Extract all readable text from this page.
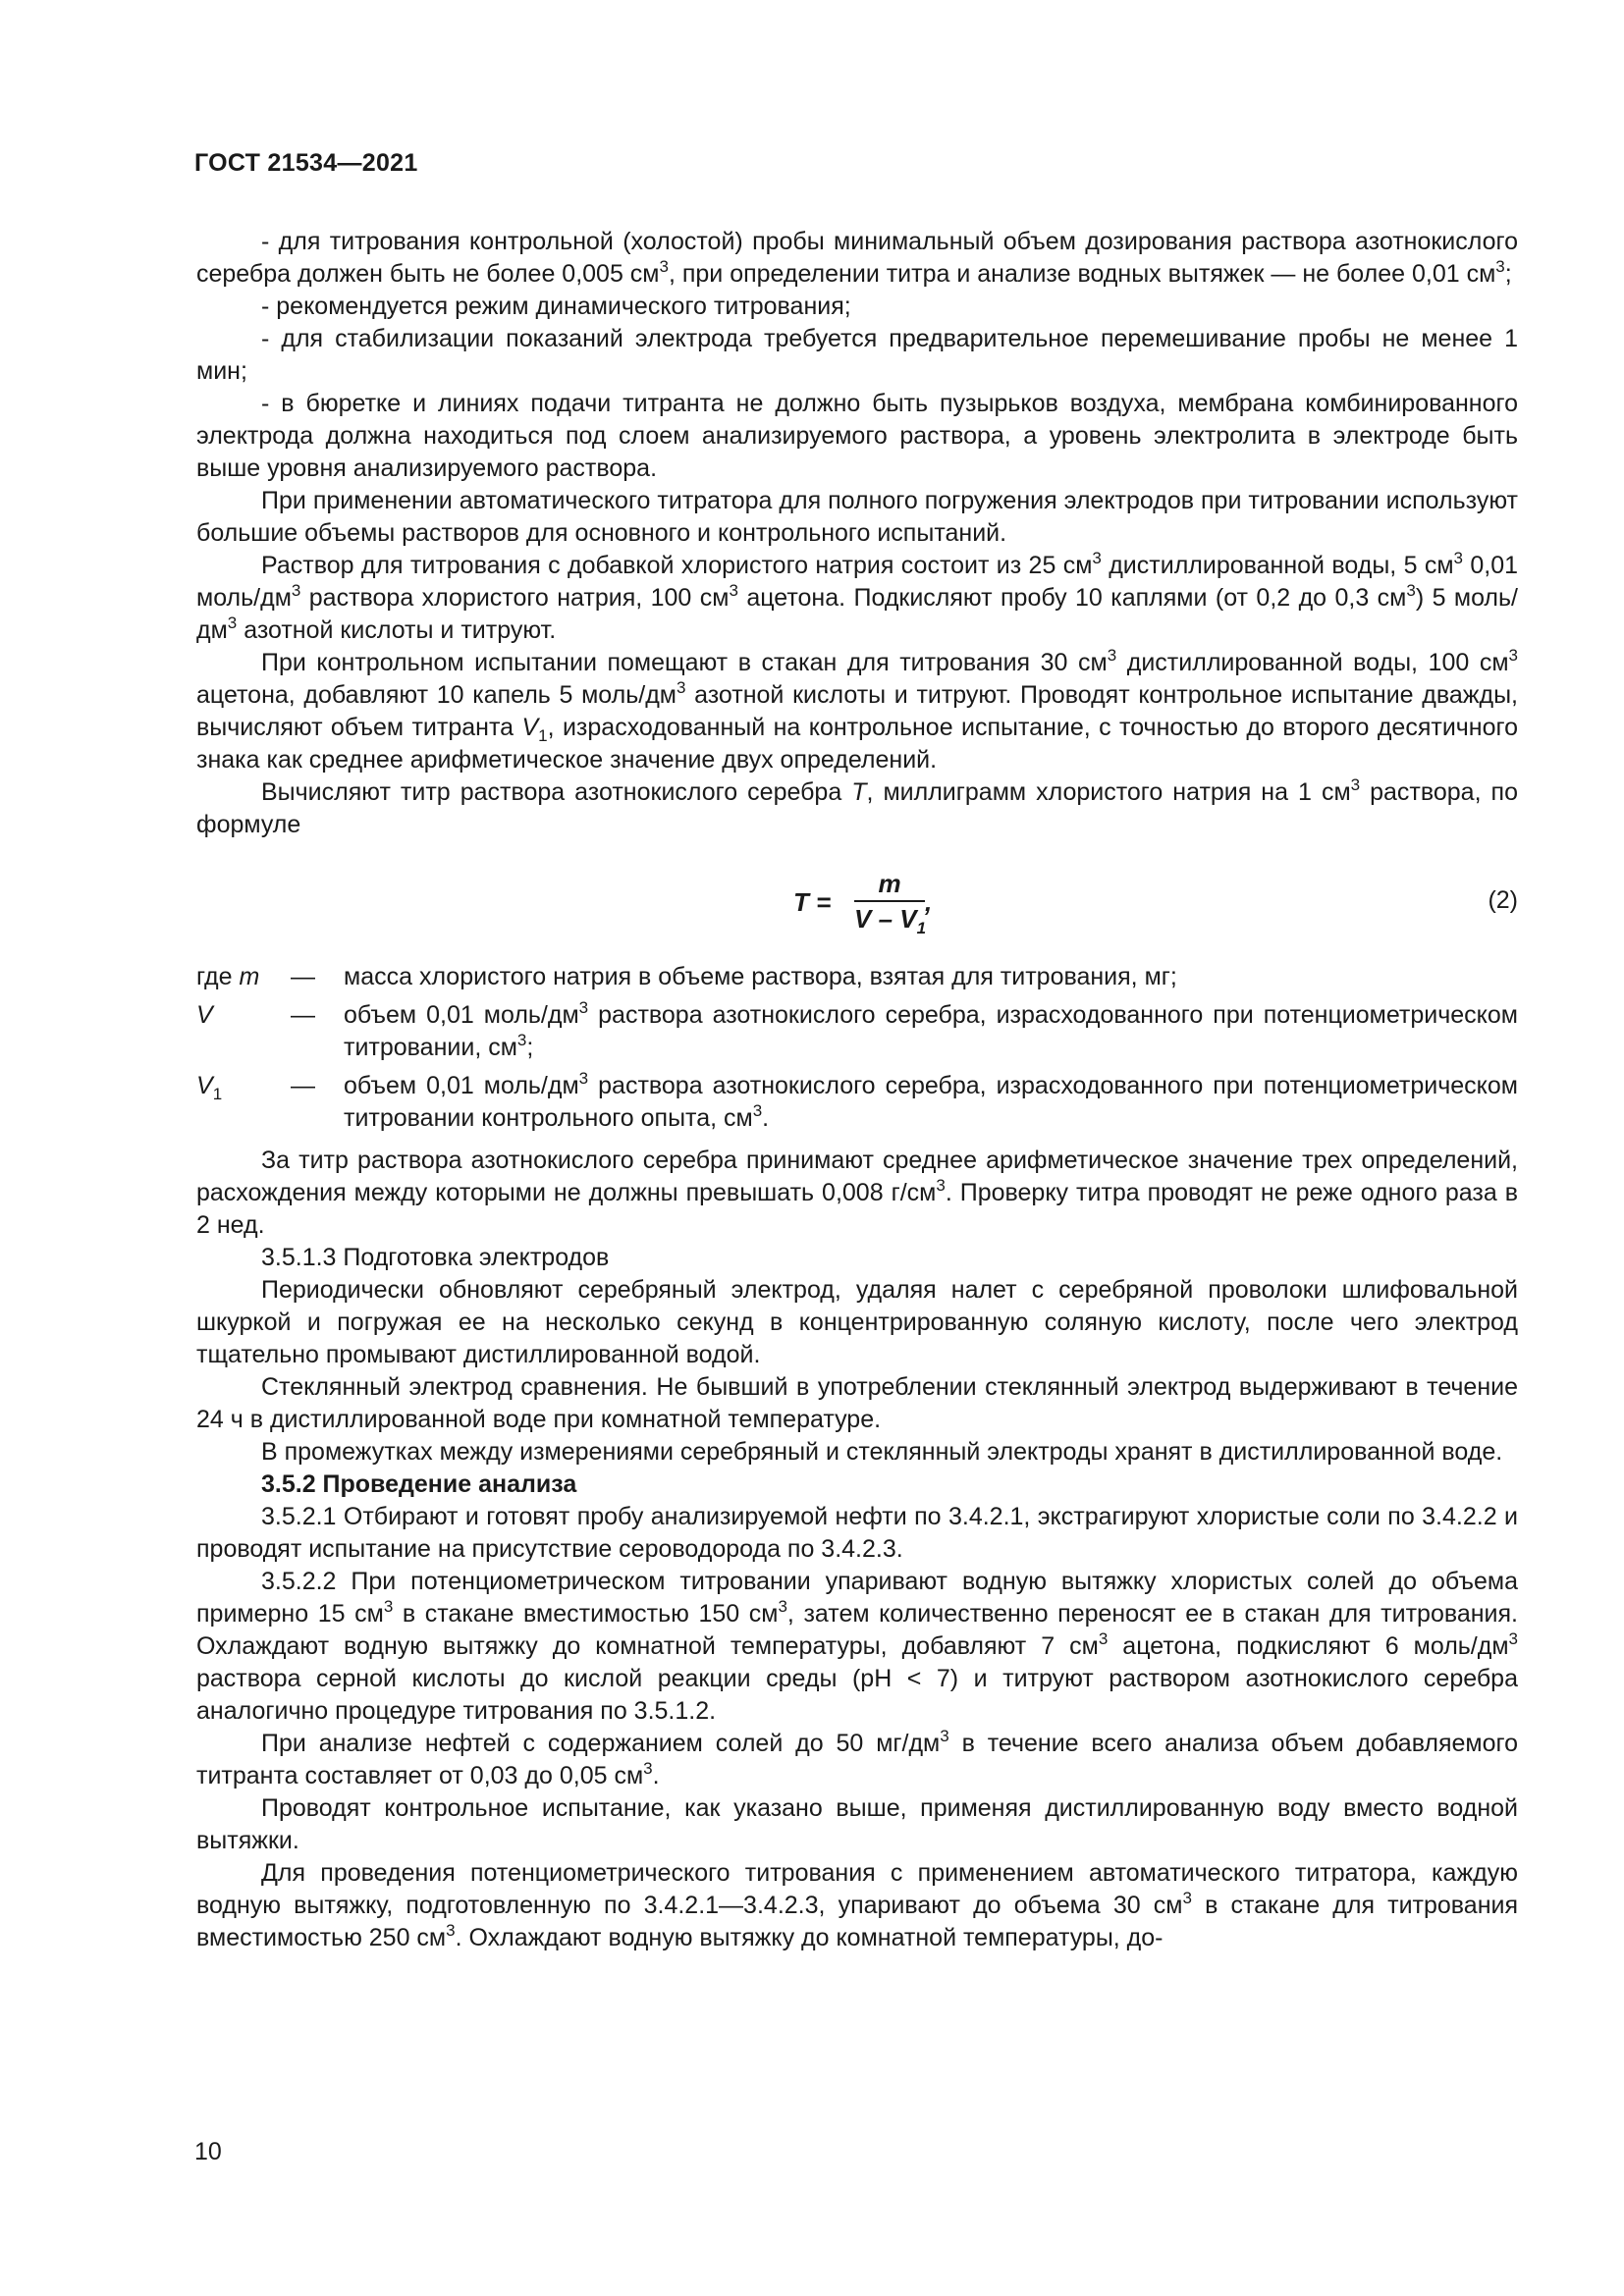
ГОСТ 21534—2021

- для титрования контрольной (холостой) пробы минимальный объем дозирования раствора азотнокислого серебра должен быть не более 0,005 $см^3$, при определении титра и анализе водных вытяжек — не более 0,01 $см^3$;

- рекомендуется режим динамического титрования;

- для стабилизации показаний электрода требуется предварительное перемешивание пробы не менее 1 мин;

- в бюретке и линиях подачи титранта не должно быть пузырьков воздуха, мембрана комбинированного электрода должна находиться под слоем анализируемого раствора, а уровень электролита в электроде быть выше уровня анализируемого раствора.

При применении автоматического титратора для полного погружения электродов при титровании используют большие объемы растворов для основного и контрольного испытаний.

Раствор для титрования с добавкой хлористого натрия состоит из 25 $см^3$ дистиллированной воды, 5 $см^3$ 0,01 моль/$дм^3$ раствора хлористого натрия, 100 $см^3$ ацетона. Подкисляют пробу 10 каплями (от 0,2 до 0,3 $см^3$) 5 моль/$дм^3$ азотной кислоты и титруют.

При контрольном испытании помещают в стакан для титрования 30 $см^3$ дистиллированной воды, 100 $см^3$ ацетона, добавляют 10 капель 5 моль/$дм^3$ азотной кислоты и титруют. Проводят контрольное испытание дважды, вычисляют объем титранта $V_1$, израсходованный на контрольное испытание, с точностью до второго десятичного знака как среднее арифметическое значение двух определений.

Вычисляют титр раствора азотнокислого серебра T, миллиграмм хлористого натрия на 1 $см^3$ раствора, по формуле

T =
m
V – $V_1$
,	(2)
где m	—	масса хлористого натрия в объеме раствора, взятая для титрования, мг;
V	—	объем 0,01 моль/$дм^3$ раствора азотнокислого серебра, израсходованного при потенциометрическом титровании, $см^3$;
$V_1$	—	объем 0,01 моль/$дм^3$ раствора азотнокислого серебра, израсходованного при потенциометрическом титровании контрольного опыта, $см^3$.

За титр раствора азотнокислого серебра принимают среднее арифметическое значение трех определений, расхождения между которыми не должны превышать 0,008 $г/см^3$. Проверку титра проводят не реже одного раза в 2 нед.

3.5.1.3 Подготовка электродов

Периодически обновляют серебряный электрод, удаляя налет с серебряной проволоки шлифовальной шкуркой и погружая ее на несколько секунд в концентрированную соляную кислоту, после чего электрод тщательно промывают дистиллированной водой.

Стеклянный электрод сравнения. Не бывший в употреблении стеклянный электрод выдерживают в течение 24 ч в дистиллированной воде при комнатной температуре.

В промежутках между измерениями серебряный и стеклянный электроды хранят в дистиллированной воде.

3.5.2 Проведение анализа

3.5.2.1 Отбирают и готовят пробу анализируемой нефти по 3.4.2.1, экстрагируют хлористые соли по 3.4.2.2 и проводят испытание на присутствие сероводорода по 3.4.2.3.

3.5.2.2 При потенциометрическом титровании упаривают водную вытяжку хлористых солей до объема примерно 15 $см^3$ в стакане вместимостью 150 $см^3$, затем количественно переносят ее в стакан для титрования. Охлаждают водную вытяжку до комнатной температуры, добавляют 7 $см^3$ ацетона, подкисляют 6 моль/$дм^3$ раствора серной кислоты до кислой реакции среды (рН < 7) и титруют раствором азотнокислого серебра аналогично процедуре титрования по 3.5.1.2.

При анализе нефтей с содержанием солей до 50 $мг/дм^3$ в течение всего анализа объем добавляемого титранта составляет от 0,03 до 0,05 $см^3$.

Проводят контрольное испытание, как указано выше, применяя дистиллированную воду вместо водной вытяжки.

Для проведения потенциометрического титрования с применением автоматического титратора, каждую водную вытяжку, подготовленную по 3.4.2.1—3.4.2.3, упаривают до объема 30 $см^3$ в стакане для титрования вместимостью 250 $см^3$. Охлаждают водную вытяжку до комнатной температуры, до-

10
